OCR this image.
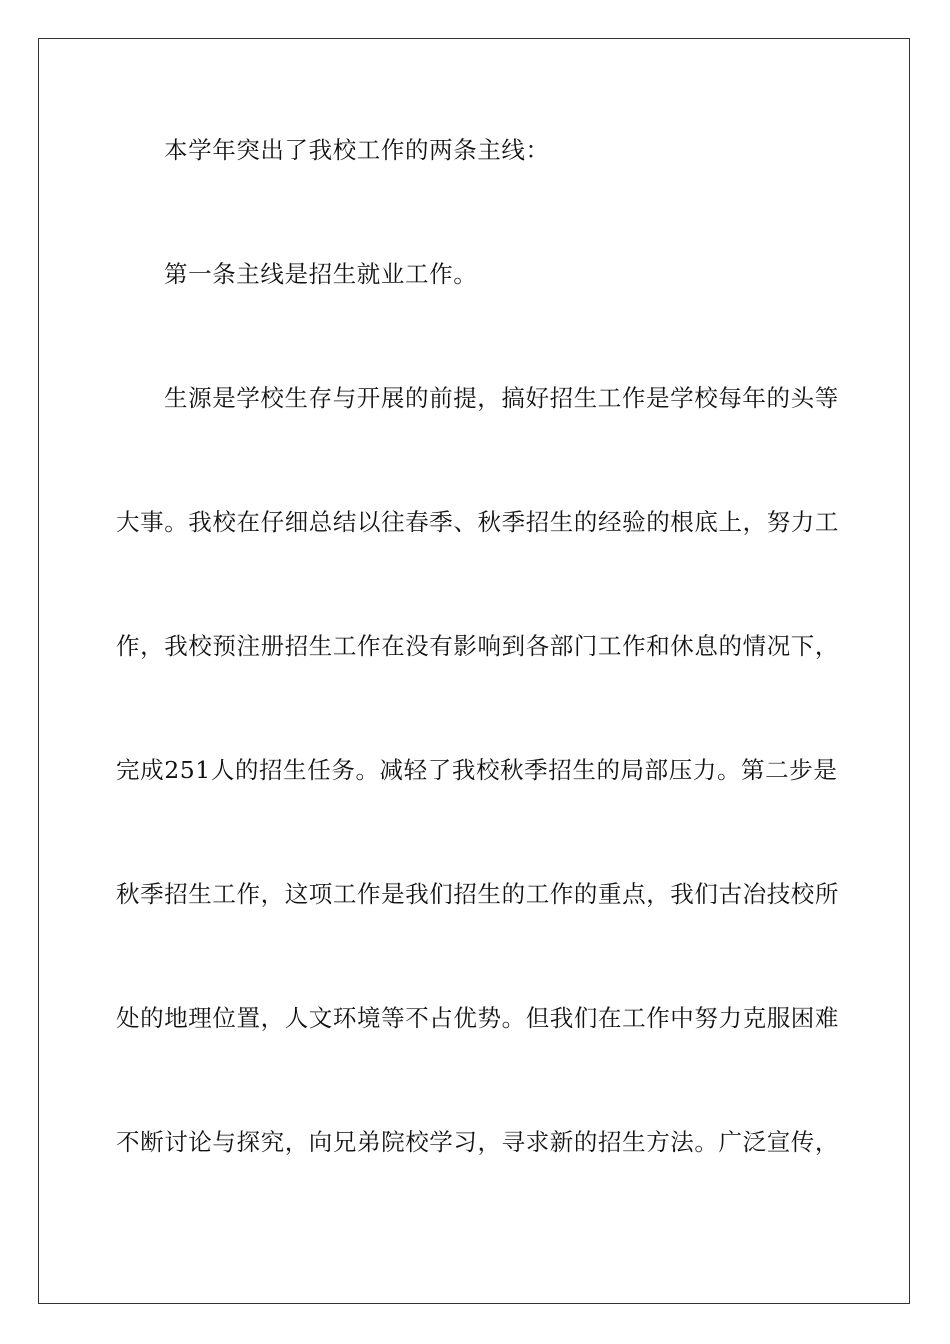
本学年突出了我校工作的两条主线：
第一条主线是招生就业工作。
生源是学校生存与开展的前提，搞好招生工作是学校每年的头等
大事。我校在仔细总结以往春季、秋季招生的经验的根底上，努力工
作，我校预注册招生工作在没有影响到各部门工作和休息的情况下，
完成251人的招生任务。减轻了我校秋季招生的局部压力。第二步是
秋季招生工作，这项工作是我们招生的工作的重点，我们古冶技校所
处的地理位置，人文环境等不占优势。但我们在工作中努力克服困难
不断讨论与探究，向兄弟院校学习，寻求新的招生方法。广泛宣传，
